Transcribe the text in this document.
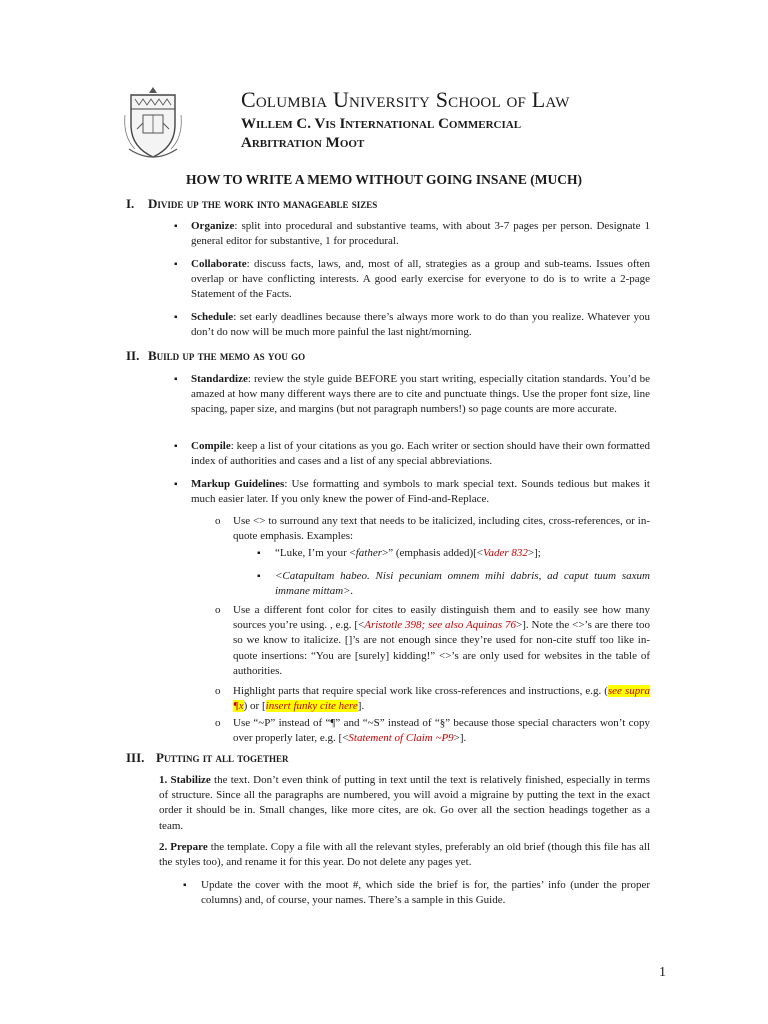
Columbia University School of Law
Willem C. Vis International Commercial
Arbitration Moot
HOW TO WRITE A MEMO WITHOUT GOING INSANE (MUCH)
I. Divide up the work into manageable sizes
▪ Organize: split into procedural and substantive teams, with about 3-7 pages per person. Designate 1 general editor for substantive, 1 for procedural.
▪ Collaborate: discuss facts, laws, and, most of all, strategies as a group and sub-teams. Issues often overlap or have conflicting interests. A good early exercise for everyone to do is to write a 2-page Statement of the Facts.
▪ Schedule: set early deadlines because there’s always more work to do than you realize. Whatever you don’t do now will be much more painful the last night/morning.
II. Build up the memo as you go
▪ Standardize: review the style guide BEFORE you start writing, especially citation standards. You’d be amazed at how many different ways there are to cite and punctuate things. Use the proper font size, line spacing, paper size, and margins (but not paragraph numbers!) so page counts are more accurate.
▪ Compile: keep a list of your citations as you go. Each writer or section should have their own formatted index of authorities and cases and a list of any special abbreviations.
▪ Markup Guidelines: Use formatting and symbols to mark special text. Sounds tedious but makes it much easier later. If you only knew the power of Find-and-Replace.
o Use <> to surround any text that needs to be italicized, including cites, cross-references, or in-quote emphasis. Examples:
▪ “Luke, I’m your <father>” (emphasis added)[<Vader 832>];
▪ <Catapultam habeo. Nisi pecuniam omnem mihi dabris, ad caput tuum saxum immane mittam>.
o Use a different font color for cites to easily distinguish them and to easily see how many sources you’re using. , e.g. [<Aristotle 398; see also Aquinas 76>]. Note the <>’s are there too so we know to italicize. []’s are not enough since they’re used for non-cite stuff too like in-quote insertions: “You are [surely] kidding!” <>’s are only used for websites in the table of authorities.
o Highlight parts that require special work like cross-references and instructions, e.g. (see supra ¶x) or [insert funky cite here].
o Use “~P” instead of “¶” and “~S” instead of “§” because those special characters won’t copy over properly later, e.g. [<Statement of Claim ~P9>].
III. Putting it all together
1. Stabilize the text. Don’t even think of putting in text until the text is relatively finished, especially in terms of structure. Since all the paragraphs are numbered, you will avoid a migraine by putting the text in the exact order it should be in. Small changes, like more cites, are ok. Go over all the section headings together as a team.
2. Prepare the template. Copy a file with all the relevant styles, preferably an old brief (though this file has all the styles too), and rename it for this year. Do not delete any pages yet.
▪ Update the cover with the moot #, which side the brief is for, the parties’ info (under the proper columns) and, of course, your names. There’s a sample in this Guide.
1
